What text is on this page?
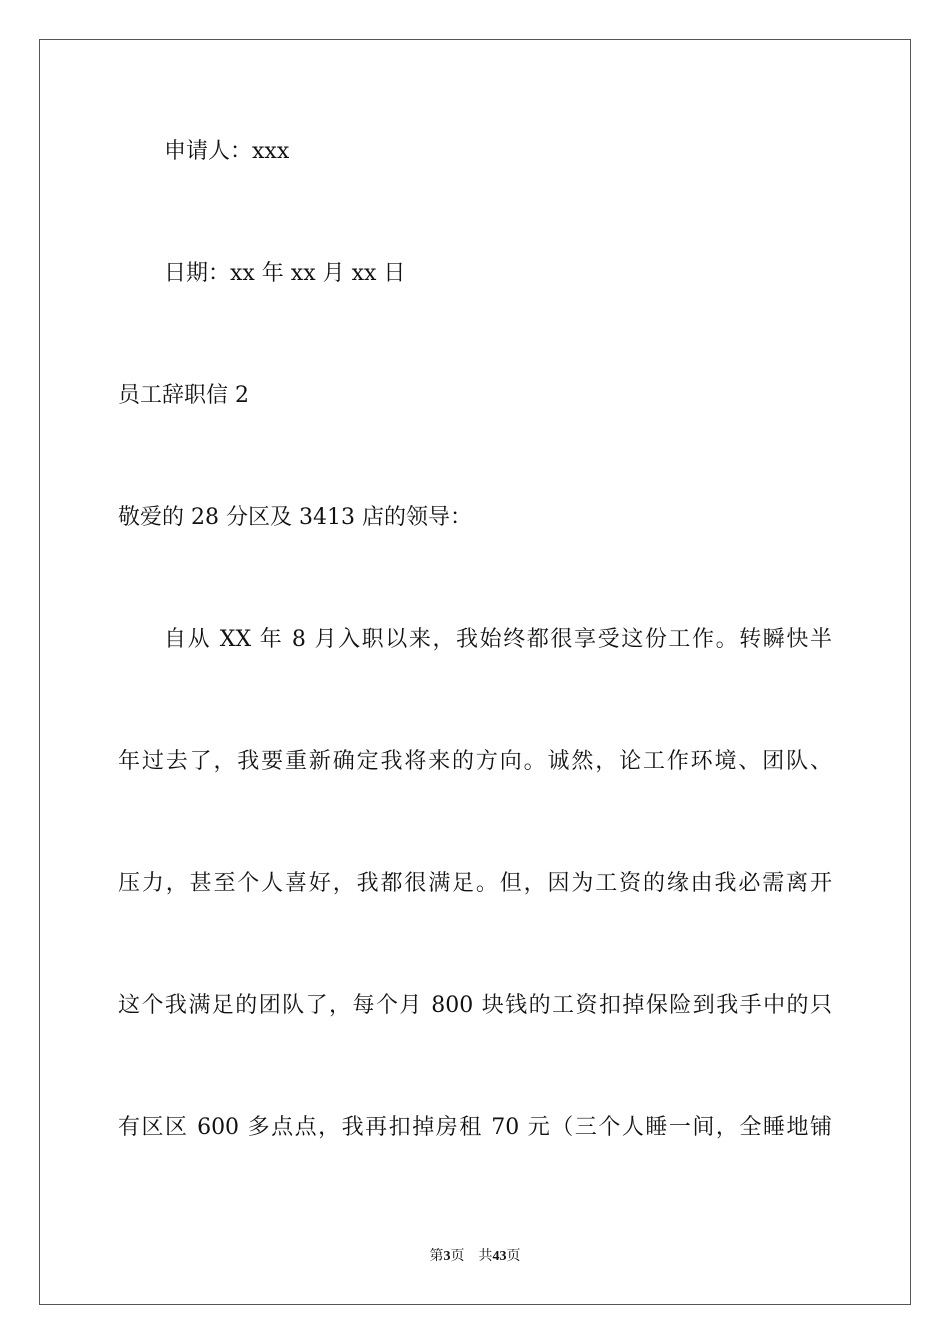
申请人：xxx

日期：xx 年 xx 月 xx 日

员工辞职信 2

敬爱的 28 分区及 3413 店的领导：

自从 XX 年 8 月入职以来，我始终都很享受这份工作。转瞬快半

年过去了，我要重新确定我将来的方向。诚然，论工作环境、团队、

压力，甚至个人喜好，我都很满足。但，因为工资的缘由我必需离开

这个我满足的团队了，每个月 800 块钱的工资扣掉保险到我手中的只

有区区 600 多点点，我再扣掉房租 70 元（三个人睡一间，全睡地铺

第3页　共43页
